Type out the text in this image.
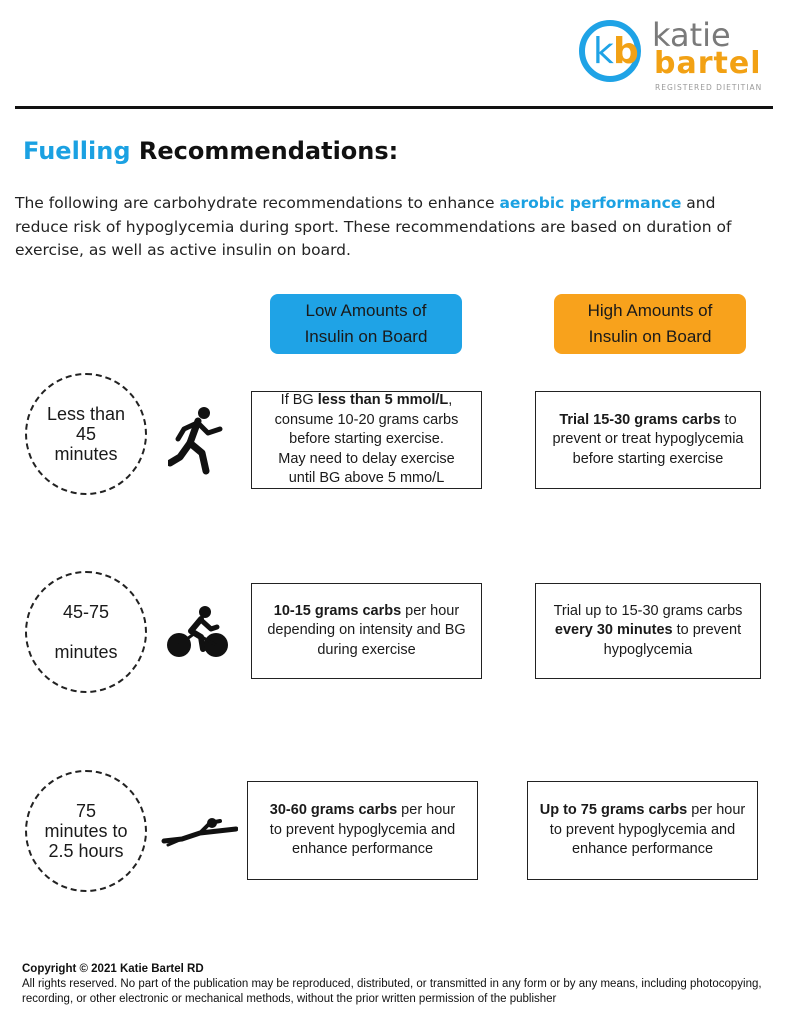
k b katie
bartel
REGISTERED DIETITIAN
Fuelling Recommendations:
The following are carbohydrate recommendations to enhance aerobic performance and reduce risk of hypoglycemia during sport. These recommendations are based on duration of exercise, as well as active insulin on board.
Low Amounts of
Insulin on Board
High Amounts of
Insulin on Board
Less than
45
minutes
If BG less than 5 mmol/L,
consume 10-20 grams carbs
before starting exercise.
May need to delay exercise
until BG above 5 mmo/L
Trial 15-30 grams carbs to
prevent or treat hypoglycemia
before starting exercise
45-75

minutes
10-15 grams carbs per hour
depending on intensity and BG
during exercise
Trial up to 15-30 grams carbs
every 30 minutes to prevent
hypoglycemia
75
minutes to
2.5 hours
30-60 grams carbs per hour
to prevent hypoglycemia and
enhance performance
Up to 75 grams carbs per hour
to prevent hypoglycemia and
enhance performance
Copyright © 2021 Katie Bartel RD
All rights reserved. No part of the publication may be reproduced, distributed, or transmitted in any form or by any means, including photocopying, recording, or other electronic or mechanical methods, without the prior written permission of the publisher
